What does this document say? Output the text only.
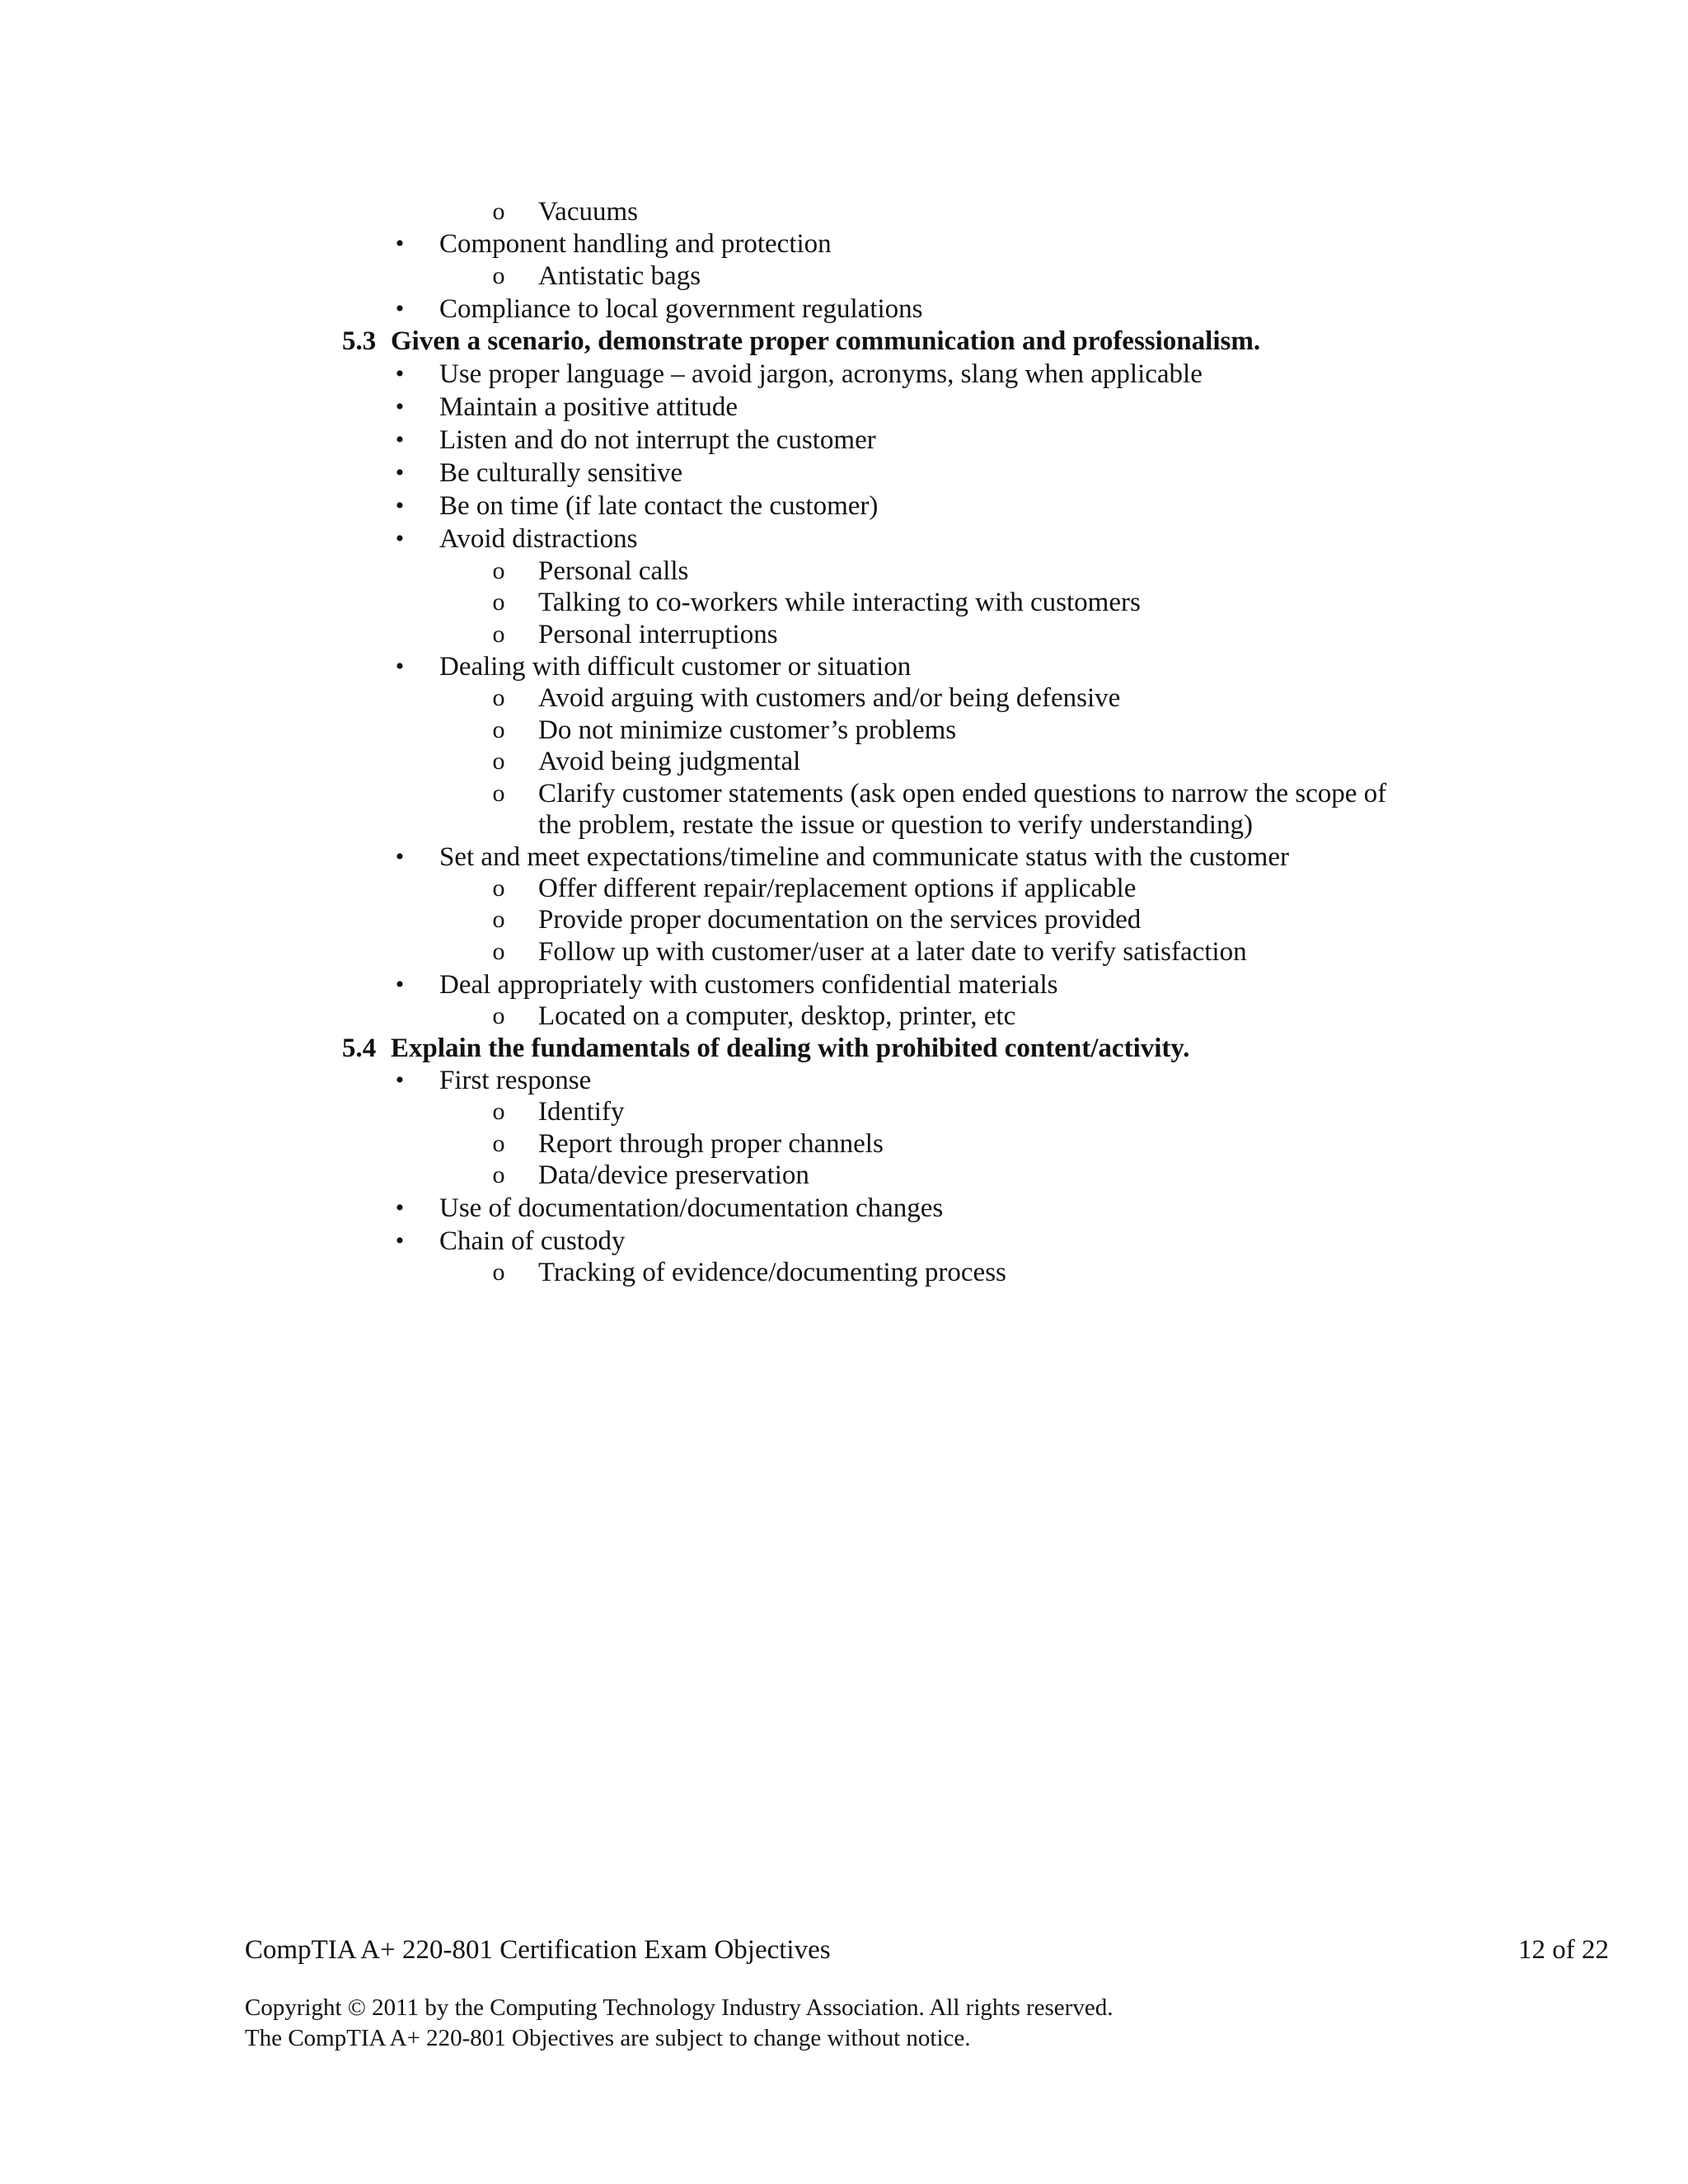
o Vacuums
• Component handling and protection
o Antistatic bags
• Compliance to local government regulations
5.3 Given a scenario, demonstrate proper communication and professionalism.
• Use proper language – avoid jargon, acronyms, slang when applicable
• Maintain a positive attitude
• Listen and do not interrupt the customer
• Be culturally sensitive
• Be on time (if late contact the customer)
• Avoid distractions
o Personal calls
o Talking to co-workers while interacting with customers
o Personal interruptions
• Dealing with difficult customer or situation
o Avoid arguing with customers and/or being defensive
o Do not minimize customer’s problems
o Avoid being judgmental
o Clarify customer statements (ask open ended questions to narrow the scope of
the problem, restate the issue or question to verify understanding)
• Set and meet expectations/timeline and communicate status with the customer
o Offer different repair/replacement options if applicable
o Provide proper documentation on the services provided
o Follow up with customer/user at a later date to verify satisfaction
• Deal appropriately with customers confidential materials
o Located on a computer, desktop, printer, etc
5.4 Explain the fundamentals of dealing with prohibited content/activity.
• First response
o Identify
o Report through proper channels
o Data/device preservation
• Use of documentation/documentation changes
• Chain of custody
o Tracking of evidence/documenting process
CompTIA A+ 220-801 Certification Exam Objectives	12 of 22
Copyright © 2011 by the Computing Technology Industry Association. All rights reserved.
The CompTIA A+ 220-801 Objectives are subject to change without notice.
